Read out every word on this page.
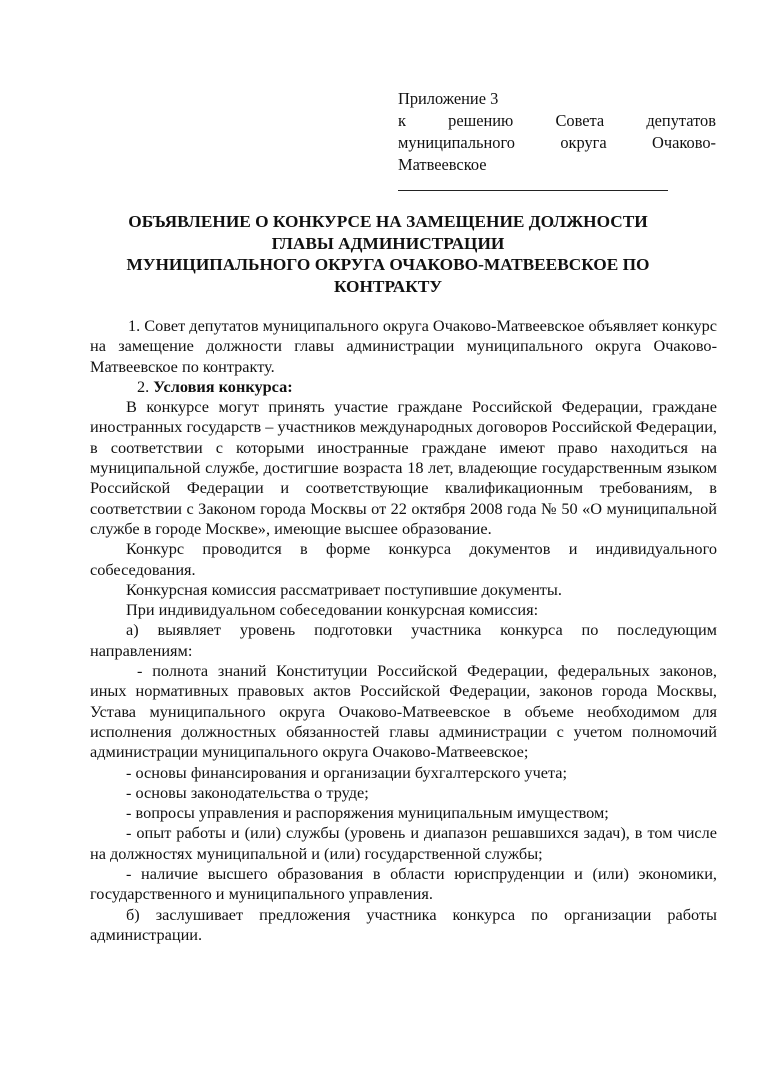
Приложение 3
к решению Совета депутатов
муниципального округа Очаково-
Матвеевское
ОБЪЯВЛЕНИЕ О КОНКУРСЕ НА ЗАМЕЩЕНИЕ ДОЛЖНОСТИ
ГЛАВЫ АДМИНИСТРАЦИИ
МУНИЦИПАЛЬНОГО ОКРУГА ОЧАКОВО-МАТВЕЕВСКОЕ ПО
КОНТРАКТУ
1. Совет депутатов муниципального округа Очаково-Матвеевское объявляет конкурс на замещение должности главы администрации муниципального округа Очаково-Матвеевское по контракту.
2. Условия конкурса:
В конкурсе могут принять участие граждане Российской Федерации, граждане иностранных государств – участников международных договоров Российской Федерации, в соответствии с которыми иностранные граждане имеют право находиться на муниципальной службе, достигшие возраста 18 лет, владеющие государственным языком Российской Федерации и соответствующие квалификационным требованиям, в соответствии с Законом города Москвы от 22 октября 2008 года № 50 «О муниципальной службе в городе Москве», имеющие высшее образование.
Конкурс проводится в форме конкурса документов и индивидуального собеседования.
Конкурсная комиссия рассматривает поступившие документы.
При индивидуальном собеседовании конкурсная комиссия:
а) выявляет уровень подготовки участника конкурса по последующим направлениям:
- полнота знаний Конституции Российской Федерации, федеральных законов, иных нормативных правовых актов Российской Федерации, законов города Москвы, Устава муниципального округа Очаково-Матвеевское в объеме необходимом для исполнения должностных обязанностей главы администрации с учетом полномочий администрации муниципального округа Очаково-Матвеевское;
- основы финансирования и организации бухгалтерского учета;
- основы законодательства о труде;
- вопросы управления и распоряжения муниципальным имуществом;
- опыт работы и (или) службы (уровень и диапазон решавшихся задач), в том числе на должностях муниципальной и (или) государственной службы;
- наличие высшего образования в области юриспруденции и (или) экономики, государственного и муниципального управления.
б) заслушивает предложения участника конкурса по организации работы администрации.
